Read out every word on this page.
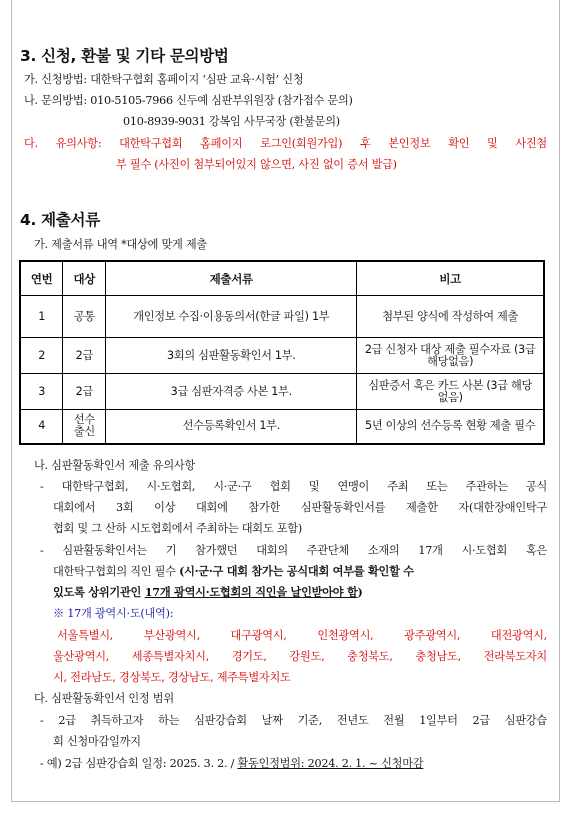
3. 신청, 환불 및 기타 문의방법
가. 신청방법: 대한탁구협회 홈페이지 ‘심판 교육·시험’ 신청
나. 문의방법: 010-5105-7966 신두예 심판부위원장 (참가접수 문의)
010-8939-9031 강복임 사무국장 (환불문의)
다. 유의사항: 대한탁구협회 홈페이지 로그인(회원가입) 후 본인정보 확인 및 사진첨
부 필수 (사진이 첨부되어있지 않으면, 사진 없이 증서 발급)
4. 제출서류
가. 제출서류 내역 *대상에 맞게 제출
연번	대상	제출서류	비고
1	공통	개인정보 수집·이용동의서(한글 파일) 1부	첨부된 양식에 작성하여 제출
2	2급	3회의 심판활동확인서 1부.	2급 신청자 대상 제출 필수자료 (3급 해당없음)
3	2급	3급 심판자격증 사본 1부.	심판증서 혹은 카드 사본 (3급 해당없음)
4	선수 출신	선수등록확인서 1부.	5년 이상의 선수등록 현황 제출 필수
나. 심판활동확인서 제출 유의사항
- 대한탁구협회, 시·도협회, 시·군·구 협회 및 연맹이 주최 또는 주관하는 공식
대회에서 3회 이상 대회에 참가한 심판활동확인서를 제출한 자(대한장애인탁구
협회 및 그 산하 시도협회에서 주최하는 대회도 포함)
- 심판활동확인서는 기 참가했던 대회의 주관단체 소재의 17개 시·도협회 혹은
대한탁구협회의 직인 필수 (시·군·구 대회 참가는 공식대회 여부를 확인할 수
있도록 상위기관인 17개 광역시·도협회의 직인을 날인받아야 함)
※ 17개 광역시·도(내역):
서울특별시, 부산광역시, 대구광역시, 인천광역시, 광주광역시, 대전광역시,
울산광역시, 세종특별자치시, 경기도, 강원도, 충청북도, 충청남도, 전라북도자치
시, 전라남도, 경상북도, 경상남도, 제주특별자치도
다. 심판활동확인서 인정 범위
- 2급 취득하고자 하는 심판강습회 날짜 기준, 전년도 전월 1일부터 2급 심판강습
회 신청마감일까지
- 예) 2급 심판강습회 일정: 2025. 3. 2. / 활동인정범위: 2024. 2. 1. ~ 신청마감
